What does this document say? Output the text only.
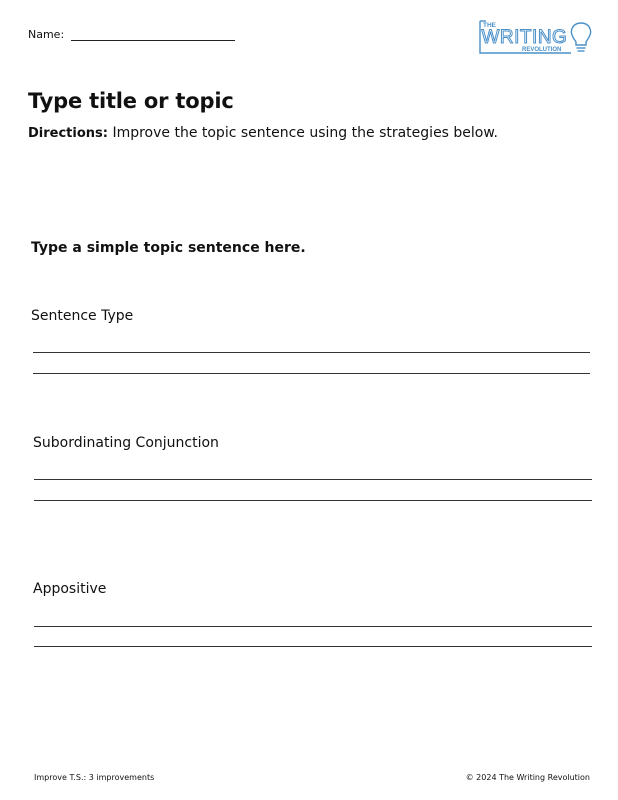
Name:
THE
WRITING
REVOLUTION
Type title or topic
Directions: Improve the topic sentence using the strategies below.
Type a simple topic sentence here.
Sentence Type
Subordinating Conjunction
Appositive
Improve T.S.: 3 improvements	© 2024 The Writing Revolution
